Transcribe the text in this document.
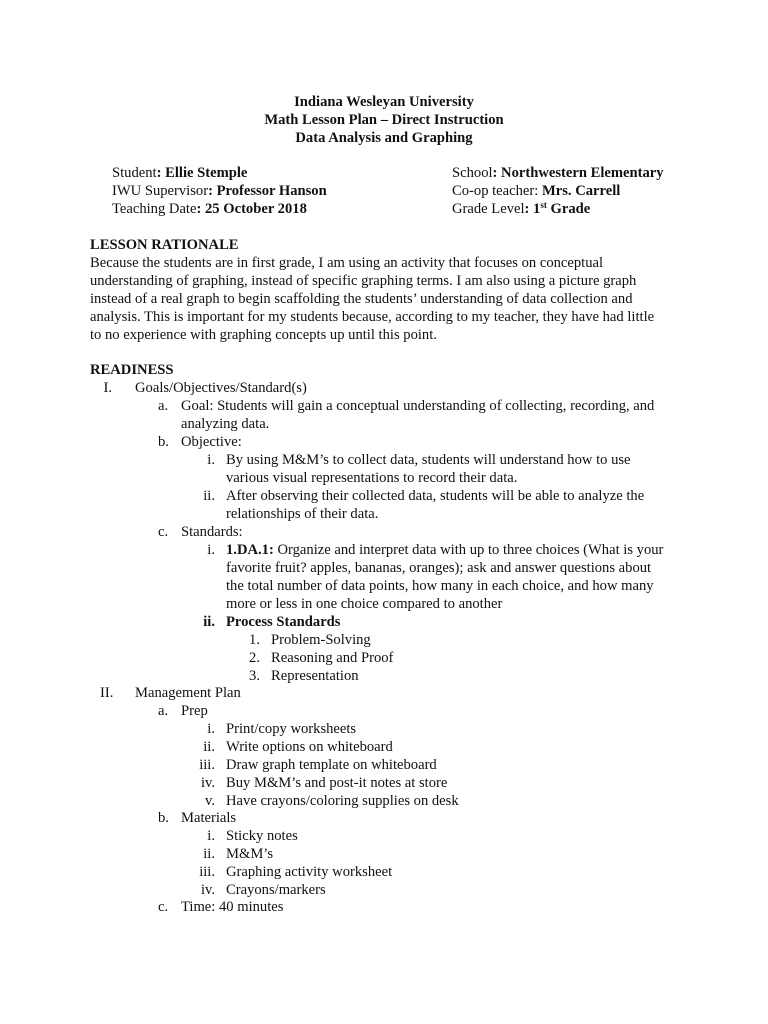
Indiana Wesleyan University
Math Lesson Plan – Direct Instruction
Data Analysis and Graphing
Student: Ellie Stemple	School: Northwestern Elementary
IWU Supervisor: Professor Hanson	Co-op teacher: Mrs. Carrell
Teaching Date: 25 October 2018	Grade Level: 1st Grade
LESSON RATIONALE
Because the students are in first grade, I am using an activity that focuses on conceptual
understanding of graphing, instead of specific graphing terms. I am also using a picture graph
instead of a real graph to begin scaffolding the students’ understanding of data collection and
analysis. This is important for my students because, according to my teacher, they have had little
to no experience with graphing concepts up until this point.
READINESS
I. Goals/Objectives/Standard(s)
a. Goal: Students will gain a conceptual understanding of collecting, recording, and
analyzing data.
b. Objective:
i. By using M&M’s to collect data, students will understand how to use
various visual representations to record their data.
ii. After observing their collected data, students will be able to analyze the
relationships of their data.
c. Standards:
i. 1.DA.1: Organize and interpret data with up to three choices (What is your
favorite fruit? apples, bananas, oranges); ask and answer questions about
the total number of data points, how many in each choice, and how many
more or less in one choice compared to another
ii. Process Standards
1. Problem-Solving
2. Reasoning and Proof
3. Representation
II. Management Plan
a. Prep
i. Print/copy worksheets
ii. Write options on whiteboard
iii. Draw graph template on whiteboard
iv. Buy M&M’s and post-it notes at store
v. Have crayons/coloring supplies on desk
b. Materials
i. Sticky notes
ii. M&M’s
iii. Graphing activity worksheet
iv. Crayons/markers
c. Time: 40 minutes
